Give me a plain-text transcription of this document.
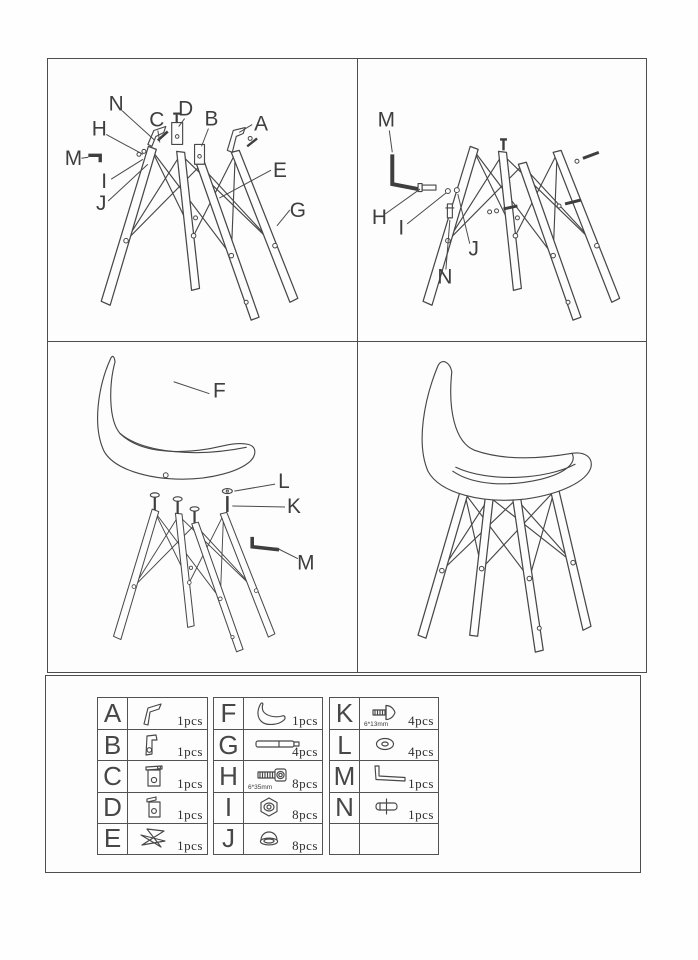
N
H C D B A
M
I
J
E
G
M
H I
J
N
F
L
K
M
A	1pcs
B	1pcs
C	1pcs
D	1pcs
E	1pcs
F	1pcs
G	4pcs
H	6*35mm 8pcs
I	8pcs
J	8pcs
K	6*13mm 4pcs
L	4pcs
M	1pcs
N	1pcs
